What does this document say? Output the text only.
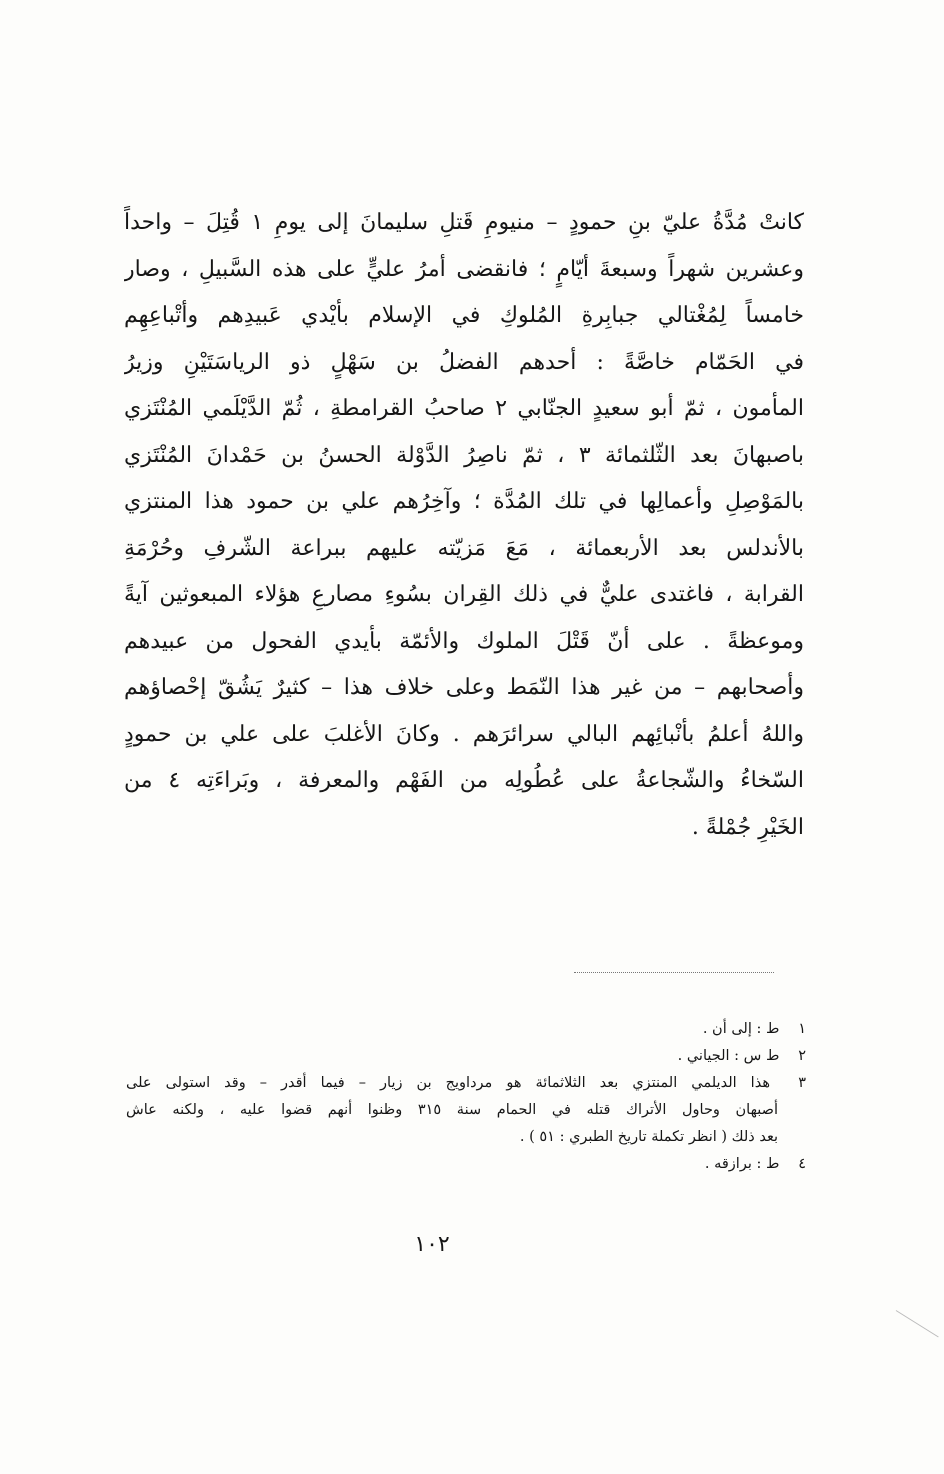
كانتْ مُدَّةُ عليّ بنِ حمودٍ – منيومِ قَتلِ سليمانَ إلى يومِ ١ قُتِلَ – واحداً
وعشرين شهراً وسبعةَ أيّامٍ ؛ فانقضى أمرُ عليٍّ على هذه السَّبيلِ ، وصار
خامساً لِمُغْتالي جبابِرةِ المُلوكِ في الإسلام بأيْدي عَبيدِهم وأتْباعِهِم
في الحَمّام خاصَّةً : أحدهم الفضلُ بن سَهْلٍ ذو الرياسَتَيْنِ وزيرُ
المأمون ، ثمّ أبو سعيدٍ الجنّابي ٢ صاحبُ القرامطةِ ، ثُمّ الدَّيْلَمي المُنْتَزي
باصبهانَ بعد الثّلثمائة ٣ ، ثمّ ناصِرُ الدَّوْلة الحسنُ بن حَمْدانَ المُنْتَزي
بالمَوْصِلِ وأعمالِها في تلك المُدَّة ؛ وآخِرُهم علي بن حمود هذا المنتزي
بالأندلس بعد الأربعمائة ، مَعَ مَزيّته عليهم ببراعة الشّرفِ وحُرْمَةِ
القرابة ، فاغتدى عليٌّ في ذلك القِران بسُوءِ مصارعِ هؤلاء المبعوثين آيةً
وموعظةً . على أنّ قَتْلَ الملوك والأئمّة بأيدي الفحول من عبيدهم
وأصحابهم – من غير هذا النّمَط وعلى خلاف هذا – كثيرٌ يَشُقّ إحْصاؤهم
واللهُ أعلمُ بأنْبائِهم البالي سرائرَهم . وكانَ الأغلبَ على علي بن حمودٍ
السّخاءُ والشّجاعةُ على عُطُولِه من الفَهْم والمعرفة ، وبَراءَتِه ٤ من
الخَيْرِ جُمْلةً .
١ ط : إلى أن .
٢ ط س : الجياني .
٣ هذا الديلمي المنتزي بعد الثلاثمائة هو مرداويج بن زيار – فيما أقدر – وقد استولى على
أصبهان وحاول الأتراك قتله في الحمام سنة ٣١٥ وظنوا أنهم قضوا عليه ، ولكنه عاش
بعد ذلك ( انظر تكملة تاريخ الطبري : ٥١ ) .
٤ ط : برازقه .
١٠٢
